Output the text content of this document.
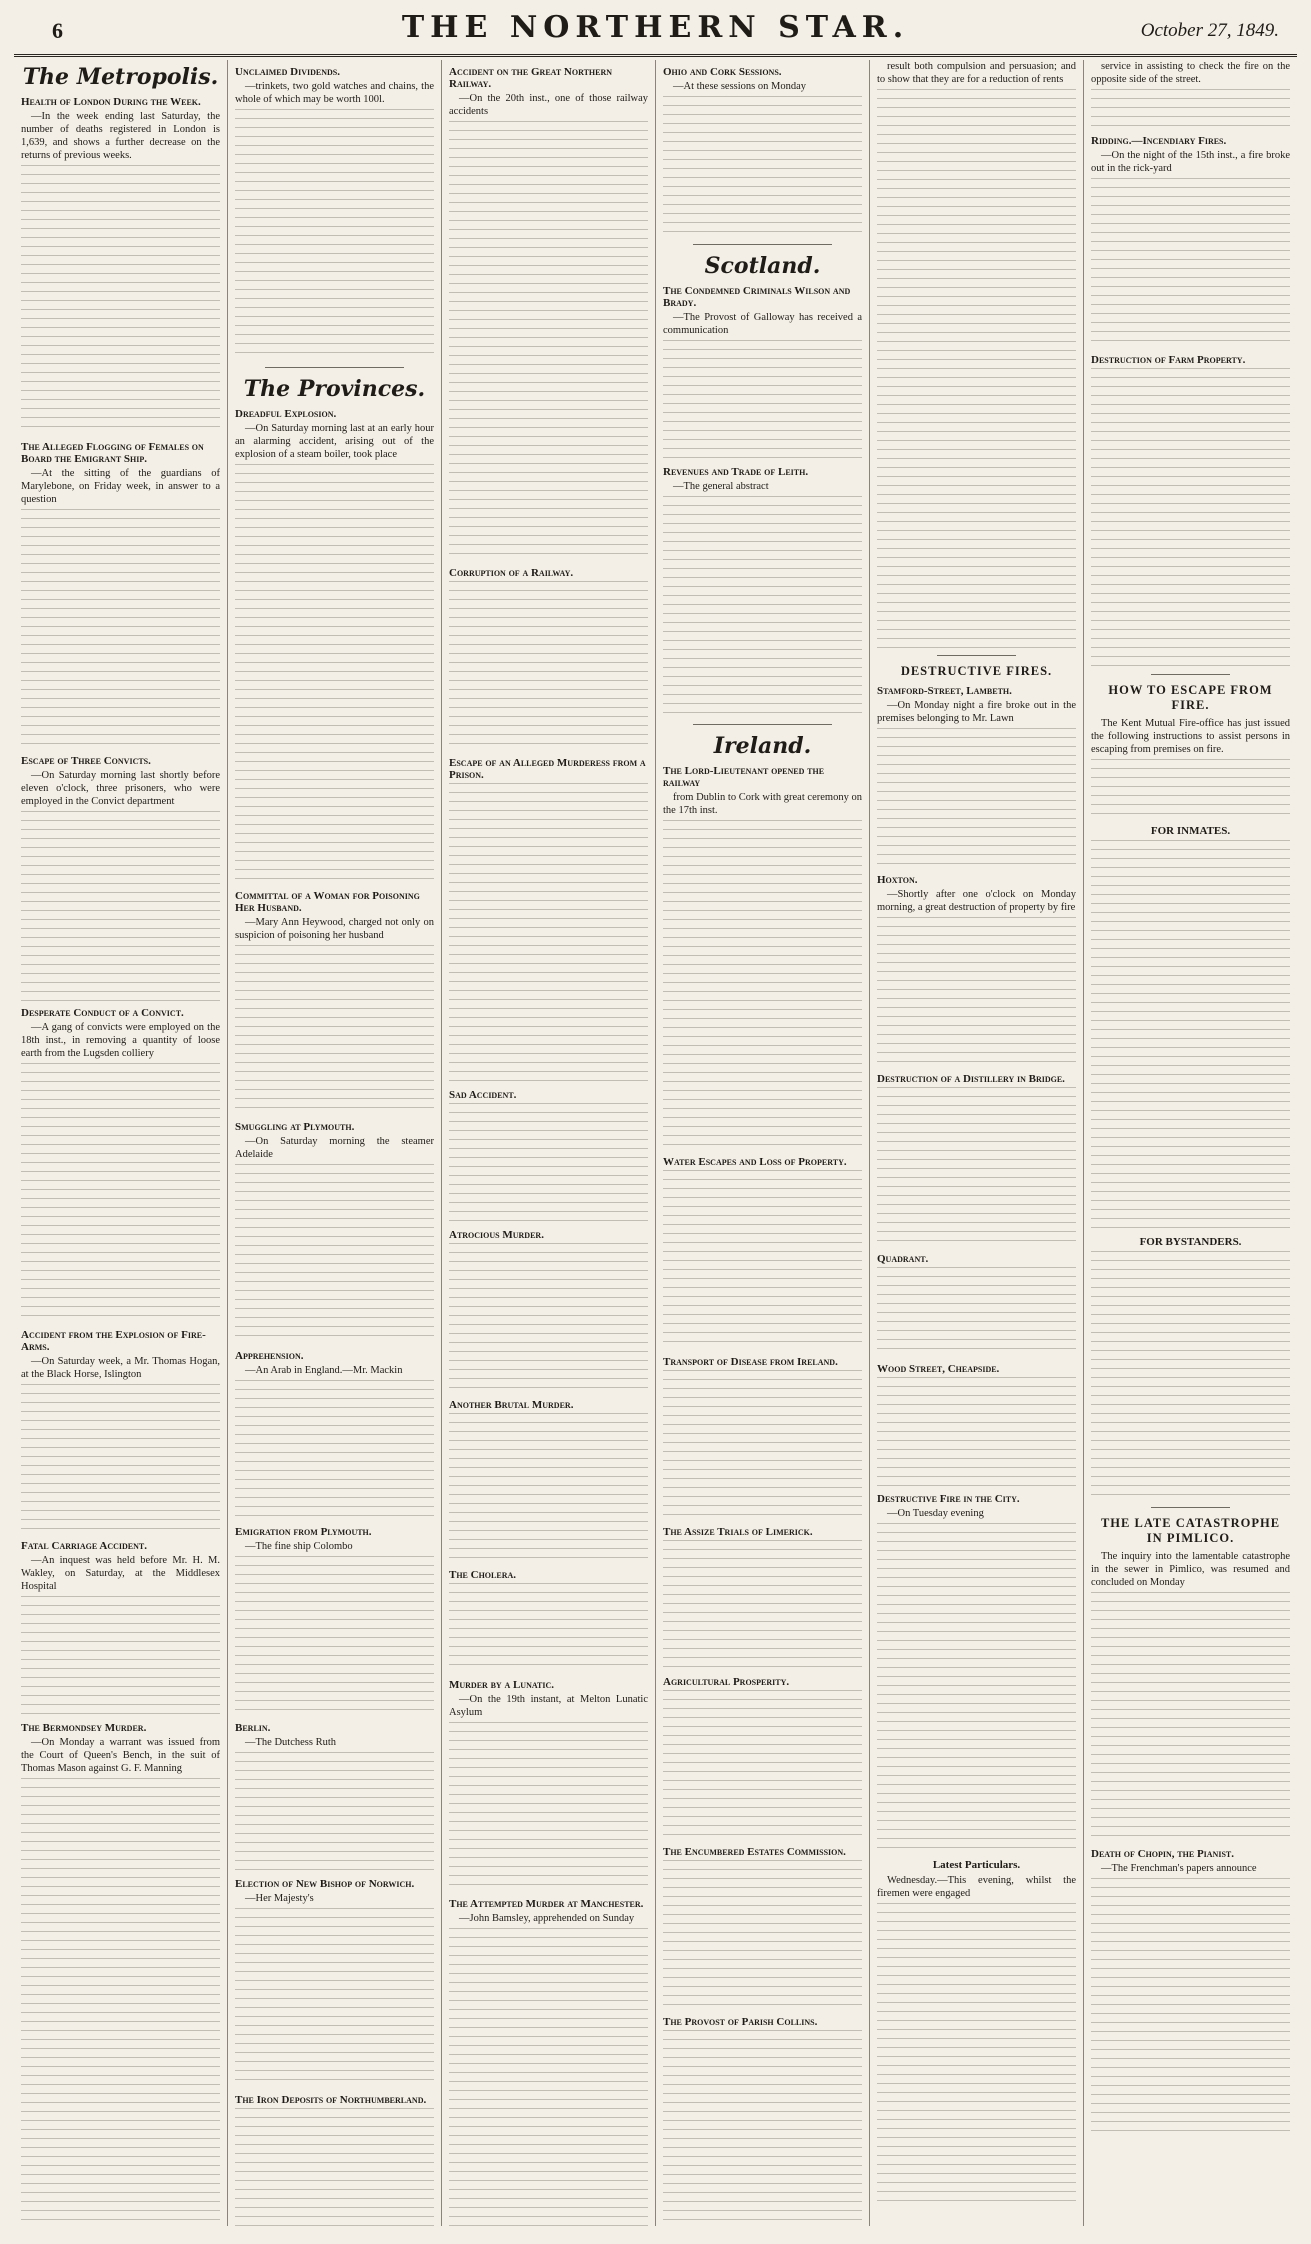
6	THE NORTHERN STAR.	October 27, 1849.
The Metropolis.
Health of London During the Week.

—In the week ending last Saturday, the number of deaths registered in London is 1,639, and shows a further decrease on the returns of previous weeks.

The Alleged Flogging of Females on Board the Emigrant Ship.

—At the sitting of the guardians of Marylebone, on Friday week, in answer to a question

Escape of Three Convicts.

—On Saturday morning last shortly before eleven o'clock, three prisoners, who were employed in the Convict department

Desperate Conduct of a Convict.

—A gang of convicts were employed on the 18th inst., in removing a quantity of loose earth from the Lugsden colliery

Accident from the Explosion of Fire-Arms.

—On Saturday week, a Mr. Thomas Hogan, at the Black Horse, Islington

Fatal Carriage Accident.

—An inquest was held before Mr. H. M. Wakley, on Saturday, at the Middlesex Hospital

The Bermondsey Murder.

—On Monday a warrant was issued from the Court of Queen's Bench, in the suit of Thomas Mason against G. F. Manning

Unclaimed Dividends.

—trinkets, two gold watches and chains, the whole of which may be worth 100l.

The Provinces.
Dreadful Explosion.

—On Saturday morning last at an early hour an alarming accident, arising out of the explosion of a steam boiler, took place

Committal of a Woman for Poisoning Her Husband.

—Mary Ann Heywood, charged not only on suspicion of poisoning her husband

Smuggling at Plymouth.

—On Saturday morning the steamer Adelaide

Apprehension.

—An Arab in England.—Mr. Mackin

Emigration from Plymouth.

—The fine ship Colombo

Berlin.

—The Dutchess Ruth

Election of New Bishop of Norwich.

—Her Majesty's

The Iron Deposits of Northumberland.
Accident on the Great Northern Railway.

—On the 20th inst., one of those railway accidents

Corruption of a Railway.
Escape of an Alleged Murderess from a Prison.
Sad Accident.
Atrocious Murder.
Another Brutal Murder.
The Cholera.
Murder by a Lunatic.

—On the 19th instant, at Melton Lunatic Asylum

The Attempted Murder at Manchester.

—John Bamsley, apprehended on Sunday

Ohio and Cork Sessions.

—At these sessions on Monday

Scotland.
The Condemned Criminals Wilson and Brady.

—The Provost of Galloway has received a communication

Revenues and Trade of Leith.

—The general abstract

Ireland.
The Lord-Lieutenant opened the railway

from Dublin to Cork with great ceremony on the 17th inst.

Water Escapes and Loss of Property.
Transport of Disease from Ireland.
The Assize Trials of Limerick.
Agricultural Prosperity.
The Encumbered Estates Commission.
The Provost of Parish Collins.

result both compulsion and persuasion; and to show that they are for a reduction of rents

DESTRUCTIVE FIRES.
Stamford-Street, Lambeth.

—On Monday night a fire broke out in the premises belonging to Mr. Lawn

Hoxton.

—Shortly after one o'clock on Monday morning, a great destruction of property by fire

Destruction of a Distillery in Bridge.
Quadrant.
Wood Street, Cheapside.
Destructive Fire in the City.

—On Tuesday evening

Latest Particulars.

Wednesday.—This evening, whilst the firemen were engaged

service in assisting to check the fire on the opposite side of the street.

Ridding.—Incendiary Fires.

—On the night of the 15th inst., a fire broke out in the rick-yard

Destruction of Farm Property.
HOW TO ESCAPE FROM FIRE.

The Kent Mutual Fire-office has just issued the following instructions to assist persons in escaping from premises on fire.

FOR INMATES.
FOR BYSTANDERS.
THE LATE CATASTROPHE IN PIMLICO.

The inquiry into the lamentable catastrophe in the sewer in Pimlico, was resumed and concluded on Monday

Death of Chopin, the Pianist.

—The Frenchman's papers announce
